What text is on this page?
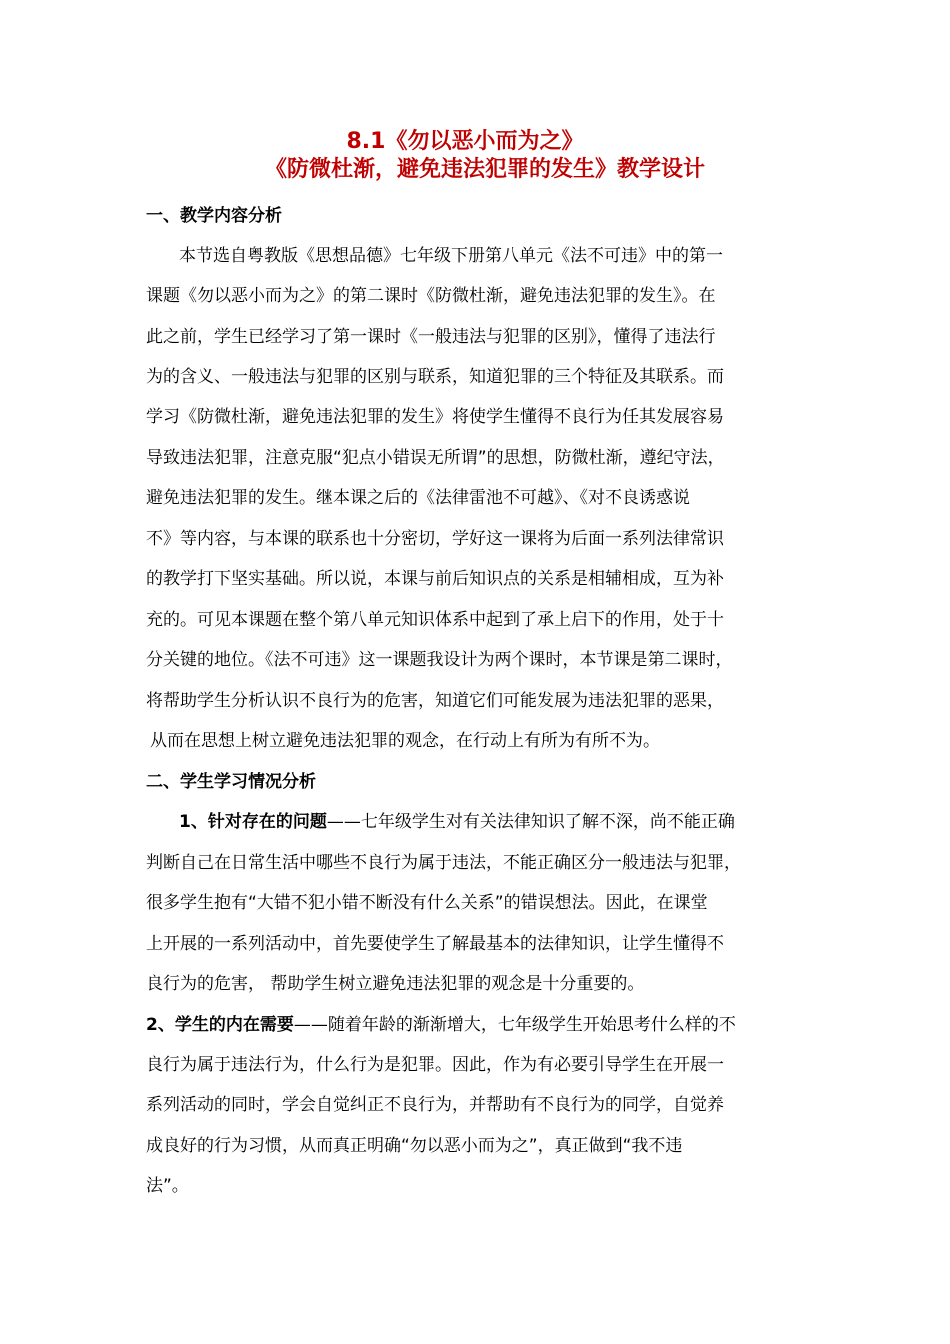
8.1《勿以恶小而为之》
《防微杜渐，避免违法犯罪的发生》教学设计
一、教学内容分析
本节选自粤教版《思想品德》七年级下册第八单元《法不可违》中的第一
课题《勿以恶小而为之》的第二课时《防微杜渐，避免违法犯罪的发生》。在
此之前，学生已经学习了第一课时《一般违法与犯罪的区别》，懂得了违法行
为的含义、一般违法与犯罪的区别与联系，知道犯罪的三个特征及其联系。而
学习《防微杜渐，避免违法犯罪的发生》将使学生懂得不良行为任其发展容易
导致违法犯罪，注意克服“犯点小错误无所谓”的思想，防微杜渐，遵纪守法，
避免违法犯罪的发生。继本课之后的《法律雷池不可越》、《对不良诱惑说
不》等内容，与本课的联系也十分密切，学好这一课将为后面一系列法律常识
的教学打下坚实基础。所以说，本课与前后知识点的关系是相辅相成，互为补
充的。可见本课题在整个第八单元知识体系中起到了承上启下的作用，处于十
分关键的地位。《法不可违》这一课题我设计为两个课时，本节课是第二课时，
将帮助学生分析认识不良行为的危害，知道它们可能发展为违法犯罪的恶果，
从而在思想上树立避免违法犯罪的观念，在行动上有所为有所不为。
二、学生学习情况分析
1、针对存在的问题——七年级学生对有关法律知识了解不深，尚不能正确
判断自己在日常生活中哪些不良行为属于违法，不能正确区分一般违法与犯罪，
很多学生抱有“大错不犯小错不断没有什么关系”的错误想法。因此，在课堂
上开展的一系列活动中，首先要使学生了解最基本的法律知识，让学生懂得不
良行为的危害， 帮助学生树立避免违法犯罪的观念是十分重要的。
2、学生的内在需要——随着年龄的渐渐增大，七年级学生开始思考什么样的不
良行为属于违法行为，什么行为是犯罪。因此，作为有必要引导学生在开展一
系列活动的同时，学会自觉纠正不良行为，并帮助有不良行为的同学，自觉养
成良好的行为习惯，从而真正明确“勿以恶小而为之”，真正做到“我不违
法”。
